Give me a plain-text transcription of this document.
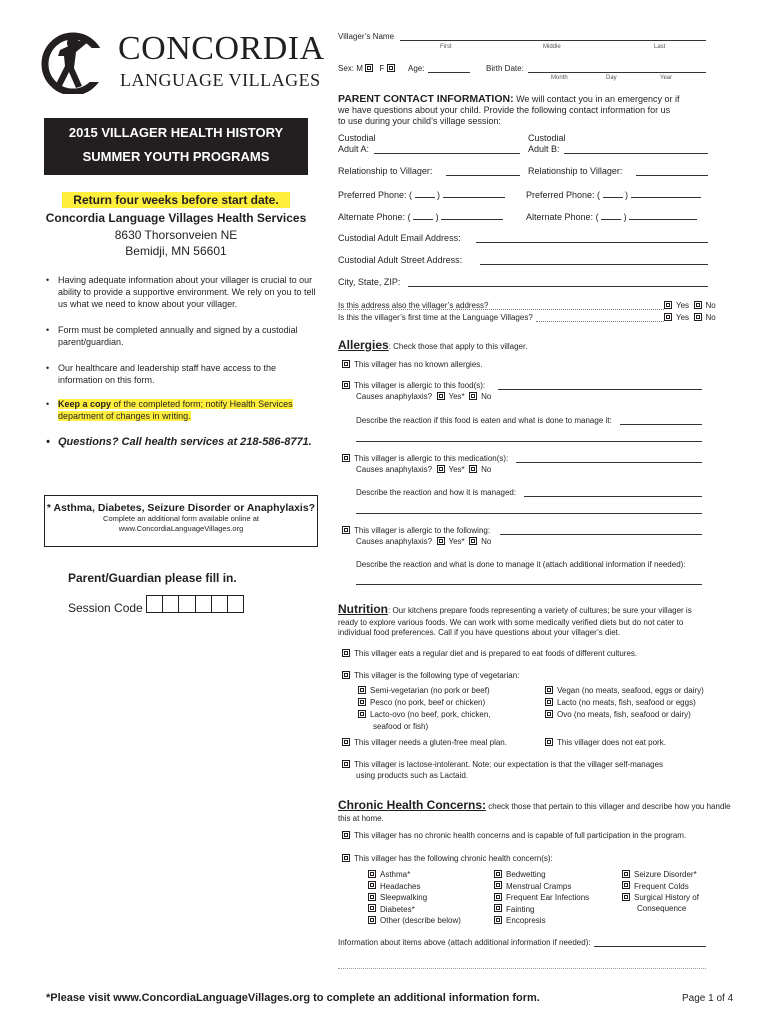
CONCORDIA
LANGUAGE VILLAGES
Villager’s Name
First	Middle	Last
Sex: M F	Age:	Birth Date:
Month	Day	Year
2015 VILLAGER HEALTH HISTORY
SUMMER YOUTH PROGRAMS
Return four weeks before start date.
Concordia Language Villages Health Services
8630 Thorsonveien NE
Bemidji, MN 56601
• Having adequate information about your villager is crucial to our ability to provide a supportive environment. We rely on you to tell us what we need to know about your villager.
• Form must be completed annually and signed by a custodial parent/guardian.
• Our healthcare and leadership staff have access to the information on this form.
• Keep a copy of the completed form; notify Health Services department of changes in writing.
• Questions? Call health services at 218-586-8771.
* Asthma, Diabetes, Seizure Disorder or Anaphylaxis?
Complete an additional form available online at
www.ConcordiaLanguageVillages.org
Parent/Guardian please fill in.
Session Code
PARENT CONTACT INFORMATION: We will contact you in an emergency or if
we have questions about your child. Provide the following contact information for us
to use during your child’s village session:
Custodial
Adult A:
Custodial
Adult B:
Relationship to Villager:	Relationship to Villager:
Preferred Phone: (  )	Preferred Phone: (  )
Alternate Phone: (  )	Alternate Phone: (  )
Custodial Adult Email Address:
Custodial Adult Street Address:
City, State, ZIP:
Is this address also the villager’s address?	Yes No
Is this the villager’s first time at the Language Villages?	Yes No
Allergies: Check those that apply to this villager.
This villager has no known allergies.
This villager is allergic to this food(s):
Causes anaphylaxis? Yes* No
Describe the reaction if this food is eaten and what is done to manage it:
This villager is allergic to this medication(s):
Causes anaphylaxis? Yes* No
Describe the reaction and how it is managed:
This villager is allergic to the following:
Causes anaphylaxis? Yes* No
Describe the reaction and what is done to manage it (attach additional information if needed):
Nutrition: Our kitchens prepare foods representing a variety of cultures; be sure your villager is
ready to explore various foods. We can work with some medically verified diets but do not cater to
individual food preferences. Call if you have questions about your villager’s diet.
This villager eats a regular diet and is prepared to eat foods of different cultures.
This villager is the following type of vegetarian:
Semi-vegetarian (no pork or beef)
Pesco (no pork, beef or chicken)
Lacto-ovo (no beef, pork, chicken,
seafood or fish)
Vegan (no meats, seafood, eggs or dairy)
Lacto (no meats, fish, seafood or eggs)
Ovo (no meats, fish, seafood or dairy)
This villager needs a gluten-free meal plan.	This villager does not eat pork.
This villager is lactose-intolerant. Note: our expectation is that the villager self-manages
using products such as Lactaid.
Chronic Health Concerns: check those that pertain to this villager and describe how you handle
this at home.
This villager has no chronic health concerns and is capable of full participation in the program.
This villager has the following chronic health concern(s):
Asthma*
Headaches
Sleepwalking
Diabetes*
Other (describe below)
Bedwetting
Menstrual Cramps
Frequent Ear Infections
Fainting
Encopresis
Seizure Disorder*
Frequent Colds
Surgical History of
Consequence
Information about items above (attach additional information if needed):
*Please visit www.ConcordiaLanguageVillages.org to complete an additional information form.	Page 1 of 4
